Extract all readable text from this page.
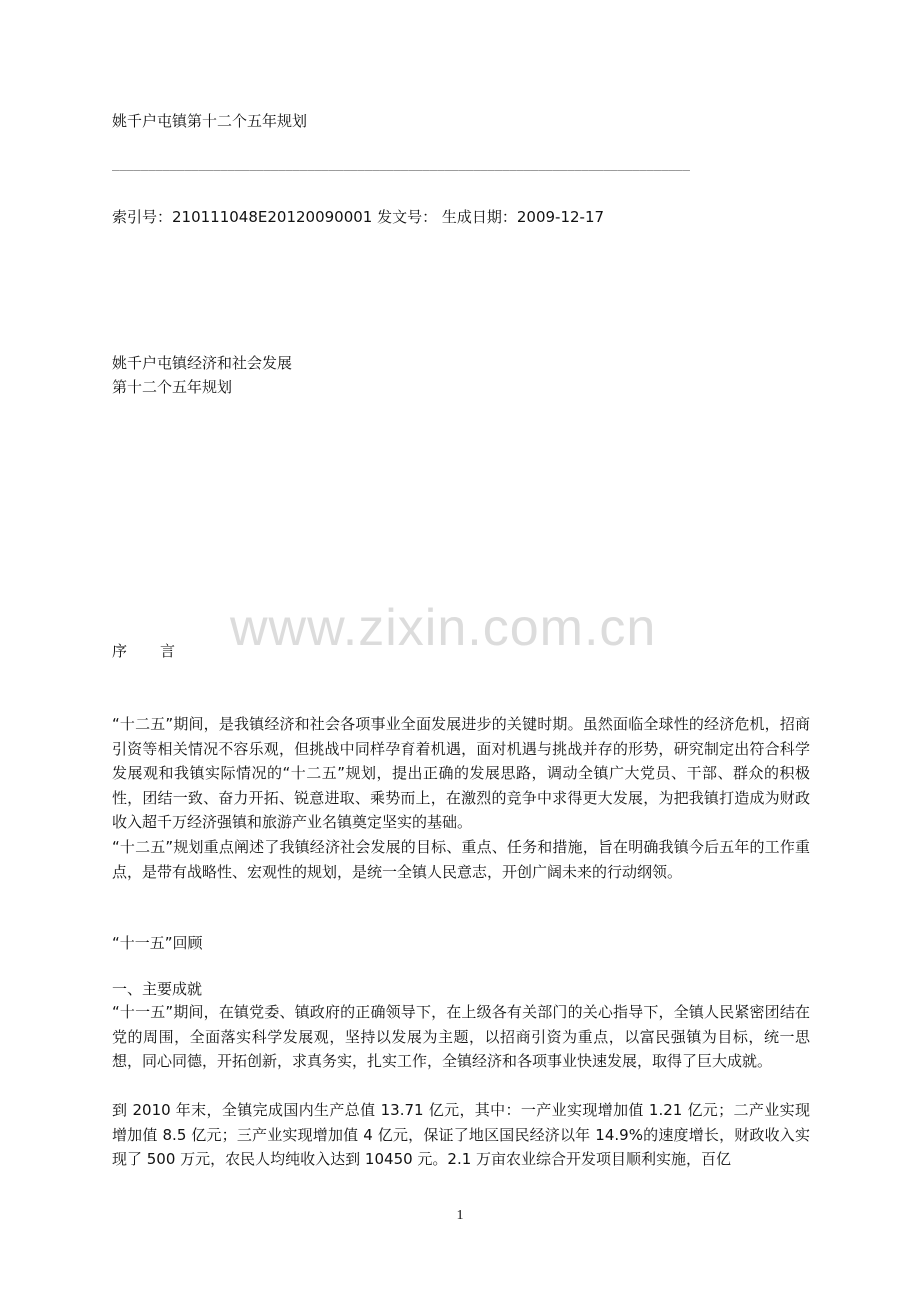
姚千户屯镇第十二个五年规划
________________________________________________________________________________
索引号：210111048E20120090001 发文号： 生成日期：2009-12-17
姚千户屯镇经济和社会发展
第十二个五年规划
www.zixin.com.cn
序 言
“十二五”期间，是我镇经济和社会各项事业全面发展进步的关键时期。虽然面临全球性的经济危机，招商引资等相关情况不容乐观，但挑战中同样孕育着机遇，面对机遇与挑战并存的形势，研究制定出符合科学发展观和我镇实际情况的“十二五”规划，提出正确的发展思路，调动全镇广大党员、干部、群众的积极性，团结一致、奋力开拓、锐意进取、乘势而上，在激烈的竞争中求得更大发展，为把我镇打造成为财政收入超千万经济强镇和旅游产业名镇奠定坚实的基础。
“十二五”规划重点阐述了我镇经济社会发展的目标、重点、任务和措施，旨在明确我镇今后五年的工作重点，是带有战略性、宏观性的规划，是统一全镇人民意志，开创广阔未来的行动纲领。
“十一五”回顾
一、主要成就
“十一五”期间，在镇党委、镇政府的正确领导下，在上级各有关部门的关心指导下，全镇人民紧密团结在党的周围，全面落实科学发展观，坚持以发展为主题，以招商引资为重点，以富民强镇为目标，统一思想，同心同德，开拓创新，求真务实，扎实工作，全镇经济和各项事业快速发展，取得了巨大成就。
到 2010 年末，全镇完成国内生产总值 13.71 亿元，其中：一产业实现增加值 1.21 亿元；二产业实现增加值 8.5 亿元；三产业实现增加值 4 亿元，保证了地区国民经济以年 14.9%的速度增长，财政收入实现了 500 万元，农民人均纯收入达到 10450 元。2.1 万亩农业综合开发项目顺利实施，百亿
1
